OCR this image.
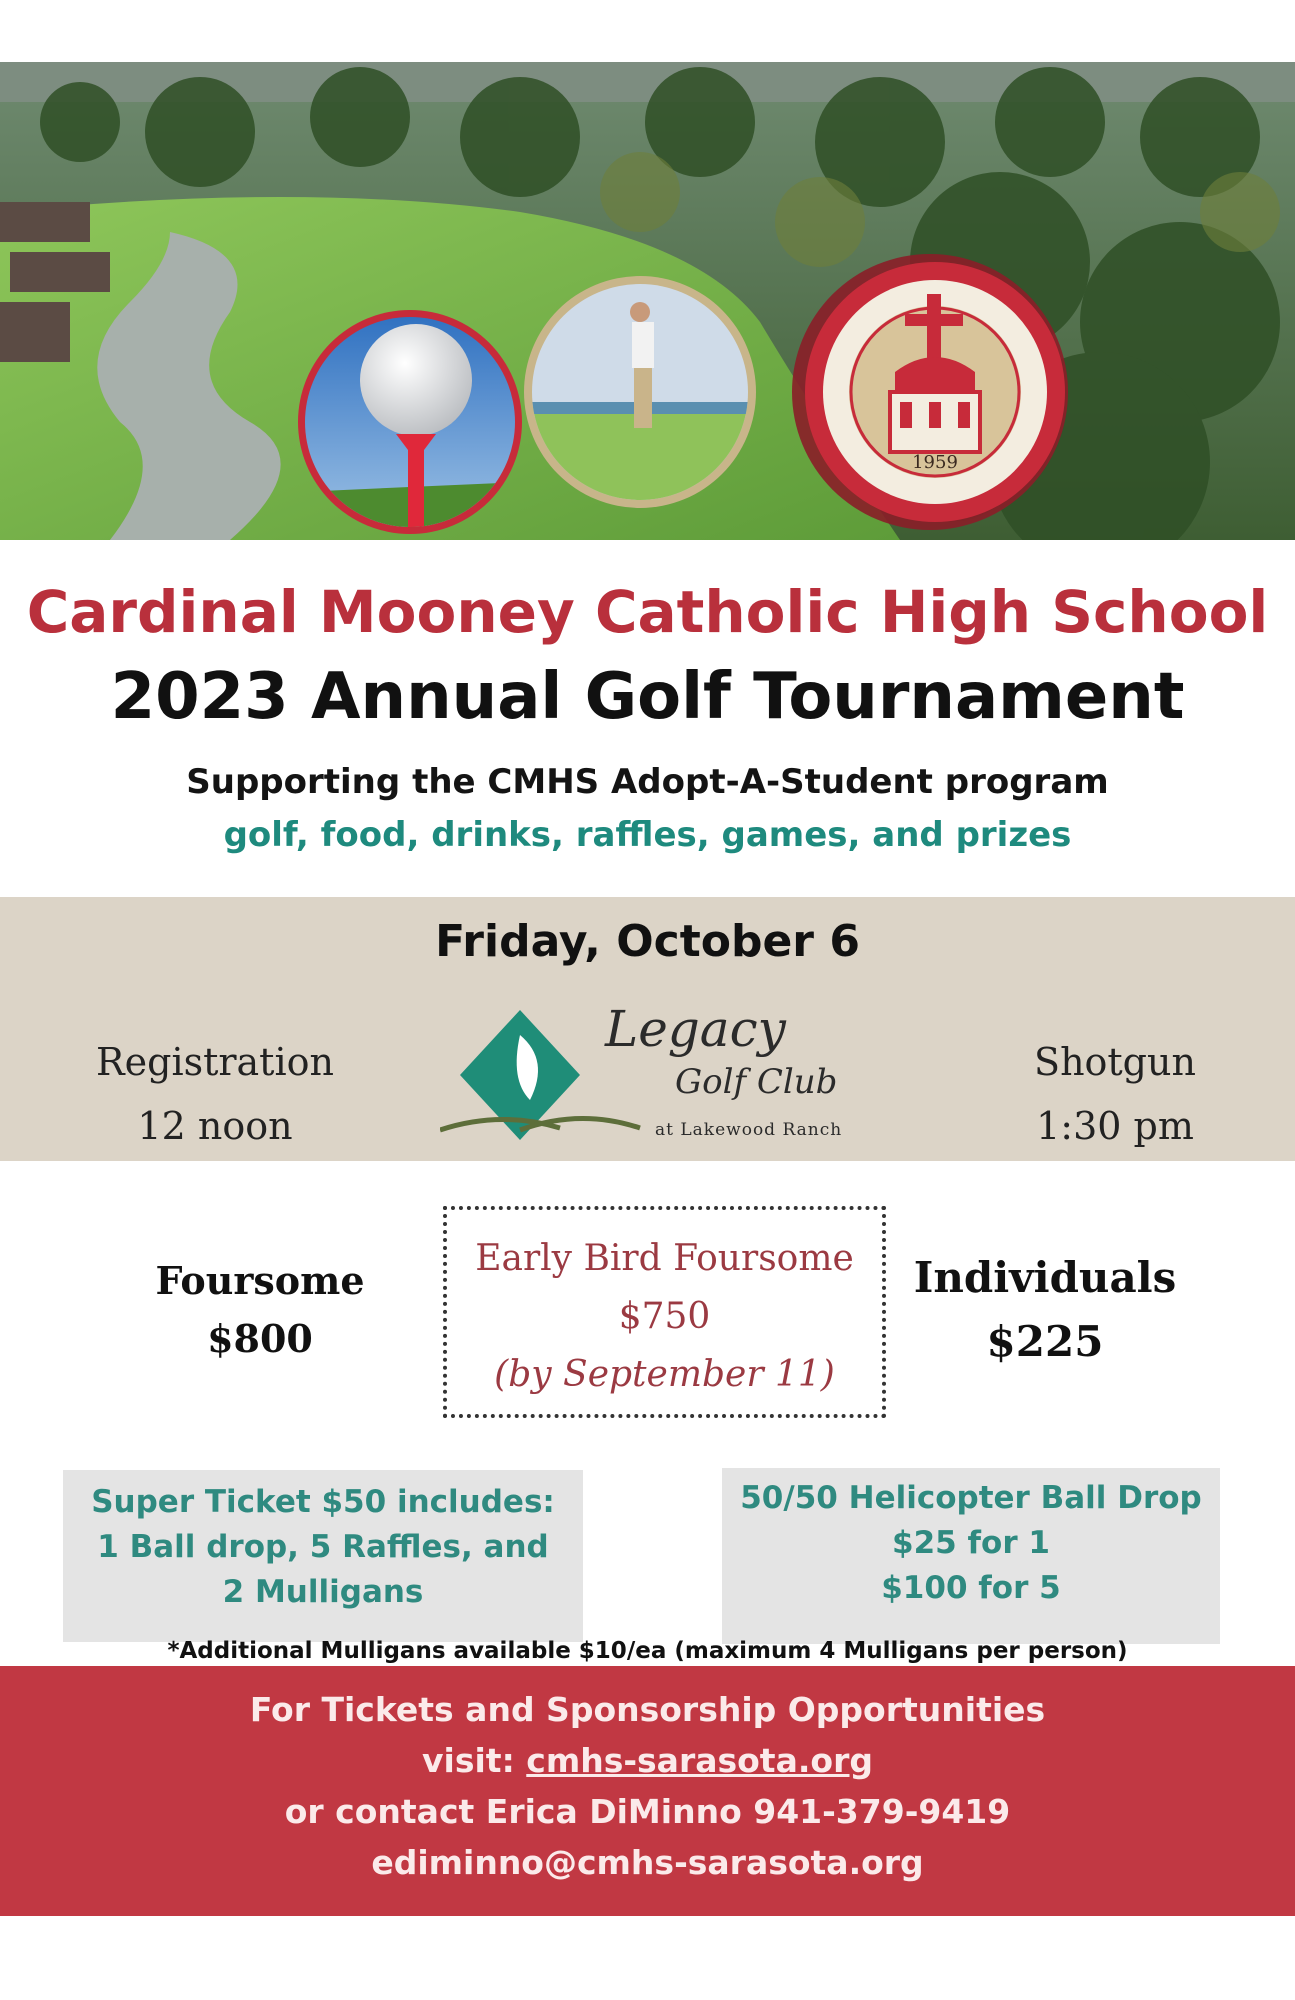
1959
Cardinal Mooney Catholic High School
2023 Annual Golf Tournament
Supporting the CMHS Adopt-A-Student program
golf, food, drinks, raffles, games, and prizes
Friday, October 6
Registration
12 noon
Legacy
Golf Club
at Lakewood Ranch
Shotgun
1:30 pm
Foursome
$800
Early Bird Foursome
$750
(by September 11)
Individuals
$225
Super Ticket $50 includes:
1 Ball drop, 5 Raffles, and
2 Mulligans
50/50 Helicopter Ball Drop
$25 for 1
$100 for 5
*Additional Mulligans available $10/ea (maximum 4 Mulligans per person)
For Tickets and Sponsorship Opportunities
visit: cmhs-sarasota.org
or contact Erica DiMinno 941-379-9419
ediminno@cmhs-sarasota.org
